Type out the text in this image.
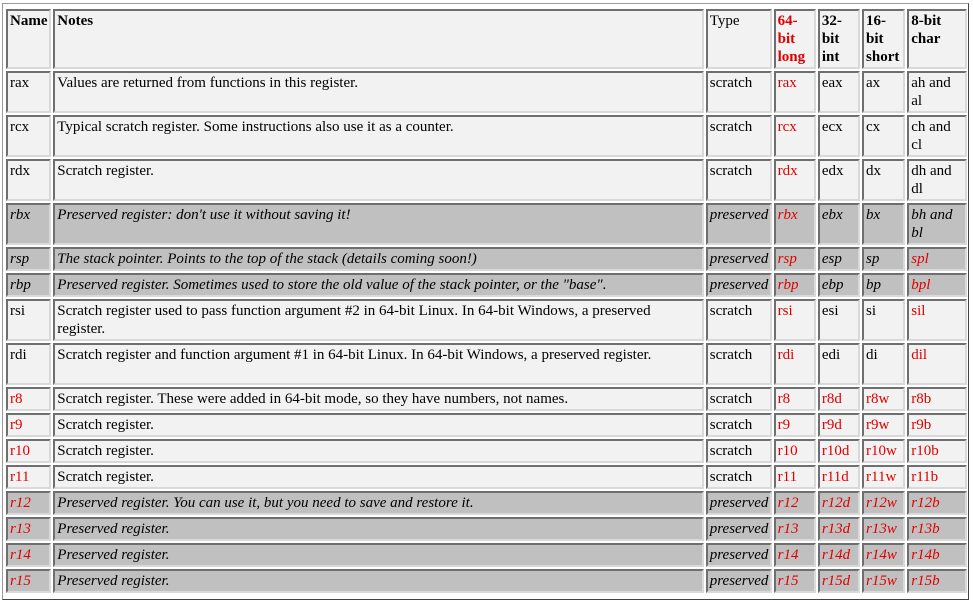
Name	Notes	Type	64-bit long	32-bit int	16-bit short	8-bit char
rax	Values are returned from functions in this register.	scratch	rax	eax	ax	ah and al
rcx	Typical scratch register. Some instructions also use it as a counter.	scratch	rcx	ecx	cx	ch and cl
rdx	Scratch register.	scratch	rdx	edx	dx	dh and dl
rbx	Preserved register: don't use it without saving it!	preserved	rbx	ebx	bx	bh and bl
rsp	The stack pointer. Points to the top of the stack (details coming soon!)	preserved	rsp	esp	sp	spl
rbp	Preserved register. Sometimes used to store the old value of the stack pointer, or the "base".	preserved	rbp	ebp	bp	bpl
rsi	Scratch register used to pass function argument #2 in 64-bit Linux. In 64-bit Windows, a preserved register.	scratch	rsi	esi	si	sil
rdi	Scratch register and function argument #1 in 64-bit Linux. In 64-bit Windows, a preserved register.	scratch	rdi	edi	di	dil
r8	Scratch register. These were added in 64-bit mode, so they have numbers, not names.	scratch	r8	r8d	r8w	r8b
r9	Scratch register.	scratch	r9	r9d	r9w	r9b
r10	Scratch register.	scratch	r10	r10d	r10w	r10b
r11	Scratch register.	scratch	r11	r11d	r11w	r11b
r12	Preserved register. You can use it, but you need to save and restore it.	preserved	r12	r12d	r12w	r12b
r13	Preserved register.	preserved	r13	r13d	r13w	r13b
r14	Preserved register.	preserved	r14	r14d	r14w	r14b
r15	Preserved register.	preserved	r15	r15d	r15w	r15b
